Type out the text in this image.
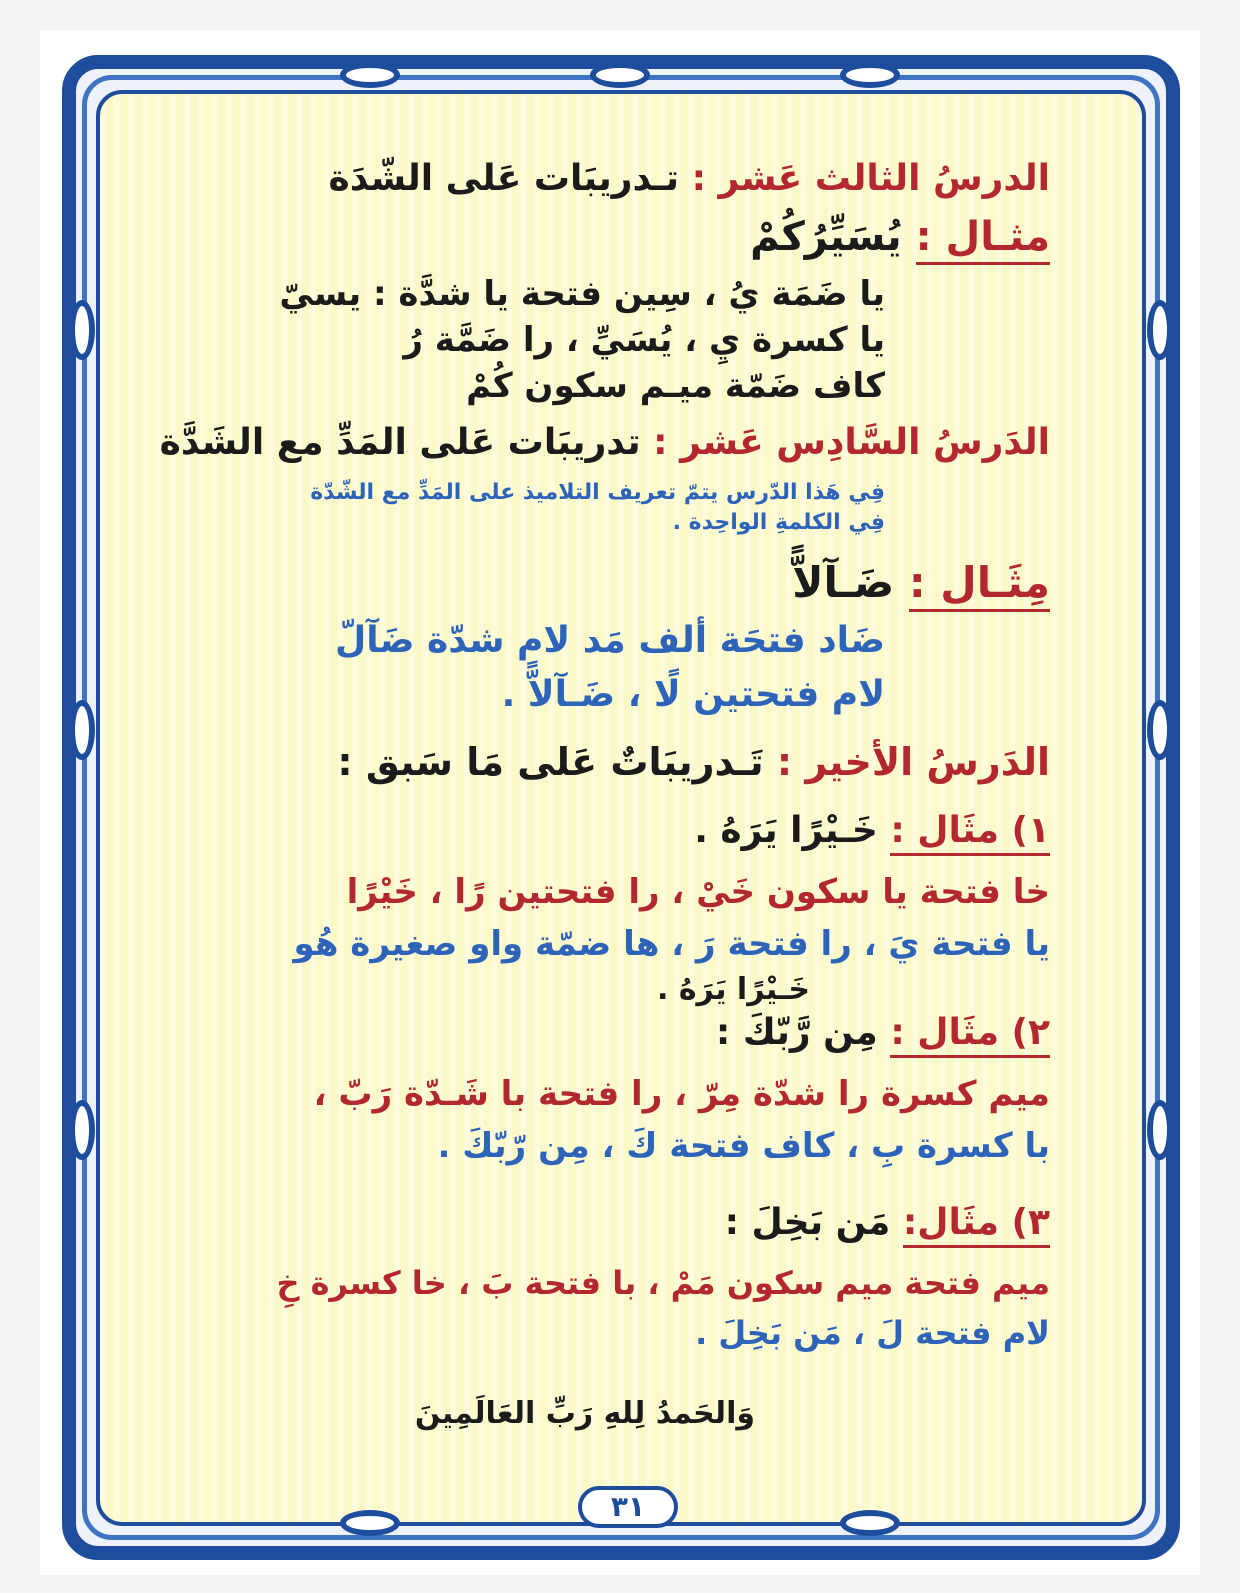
الدرسُ الثالث عَشر : تـدريبَات عَلى الشّدَة
مثـال : يُسَيِّرُكُمْ
يا ضَمَة يُ ، سِين فتحة يا شدَّة : يسيّ
يا كسرة يِ ، يُسَيِّ ، را ضَمَّة رُ
كاف ضَمّة ميـم سكون كُمْ
الدَرسُ السَّادِس عَشر : تدريبَات عَلى المَدِّ مع الشَدَّة
فِي هَذا الدّرس يتمّ تعريف التلاميذ على المَدِّ مع الشّدّة
فِي الكلمةِ الواحِدة .
مِثَـال : ضَـآلاًّ
ضَاد فتحَة ألف مَد لام شدّة ضَآلّ
لام فتحتين لًا ، ضَـآلاًّ .
الدَرسُ الأخير : تَـدريبَاتٌ عَلى مَا سَبق :
١) مثَال : خَـيْرًا يَرَهُ .
خا فتحة يا سكون خَيْ ، را فتحتين رًا ، خَيْرًا
يا فتحة يَ ، را فتحة رَ ، ها ضمّة واو صغيرة هُو
خَـيْرًا يَرَهُ .
٢) مثَال : مِن رَّبّكَ :
ميم كسرة را شدّة مِرّ ، را فتحة با شَـدّة رَبّ ،
با كسرة بِ ، كاف فتحة كَ ، مِن رّبّكَ .
٣) مثَال: مَن بَخِلَ :
ميم فتحة ميم سكون مَمْ ، با فتحة بَ ، خا كسرة خِ
لام فتحة لَ ، مَن بَخِلَ .
وَالحَمدُ لِلهِ رَبِّ العَالَمِينَ
٣١
